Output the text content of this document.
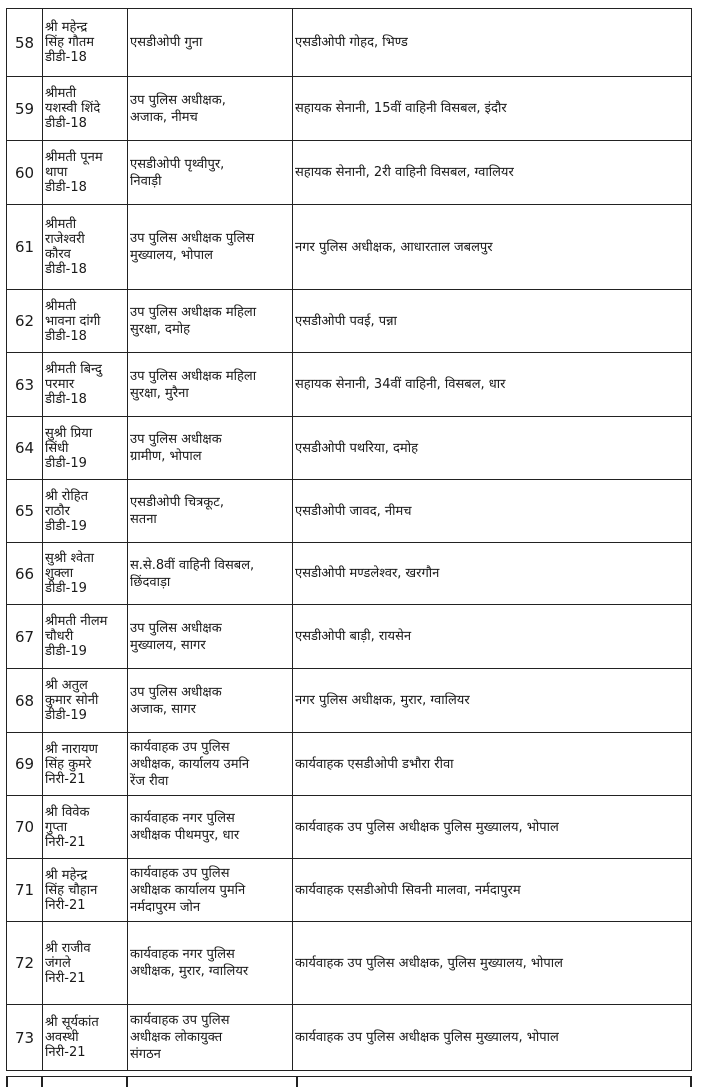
58	श्री महेन्द्र
सिंह गौतम
डीडी-18	एसडीओपी गुना	एसडीओपी गोहद, भिण्ड
59	श्रीमती
यशस्वी शिंदे
डीडी-18	उप पुलिस अधीक्षक,
अजाक, नीमच	सहायक सेनानी, 15वीं वाहिनी विसबल, इंदौर
60	श्रीमती पूनम
थापा
डीडी-18	एसडीओपी पृथ्वीपुर,
निवाड़ी	सहायक सेनानी, 2री वाहिनी विसबल, ग्वालियर
61	श्रीमती
राजेश्वरी
कौरव
डीडी-18	उप पुलिस अधीक्षक पुलिस
मुख्यालय, भोपाल	नगर पुलिस अधीक्षक, आधारताल जबलपुर
62	श्रीमती
भावना दांगी
डीडी-18	उप पुलिस अधीक्षक महिला
सुरक्षा, दमोह	एसडीओपी पवई, पन्ना
63	श्रीमती बिन्दु
परमार
डीडी-18	उप पुलिस अधीक्षक महिला
सुरक्षा, मुरैना	सहायक सेनानी, 34वीं वाहिनी, विसबल, धार
64	सुश्री प्रिया
सिंधी
डीडी-19	उप पुलिस अधीक्षक
ग्रामीण, भोपाल	एसडीओपी पथरिया, दमोह
65	श्री रोहित
राठौर
डीडी-19	एसडीओपी चित्रकूट,
सतना	एसडीओपी जावद, नीमच
66	सुश्री श्वेता
शुक्ला
डीडी-19	स.से.8वीं वाहिनी विसबल,
छिंदवाड़ा	एसडीओपी मण्डलेश्वर, खरगौन
67	श्रीमती नीलम
चौधरी
डीडी-19	उप पुलिस अधीक्षक
मुख्यालय, सागर	एसडीओपी बाड़ी, रायसेन
68	श्री अतुल
कुमार सोनी
डीडी-19	उप पुलिस अधीक्षक
अजाक, सागर	नगर पुलिस अधीक्षक, मुरार, ग्वालियर
69	श्री नारायण
सिंह कुमरे
निरी-21	कार्यवाहक उप पुलिस
अधीक्षक, कार्यालय उमनि
रेंज रीवा	कार्यवाहक एसडीओपी डभौरा रीवा
70	श्री विवेक
गुप्ता
निरी-21	कार्यवाहक नगर पुलिस
अधीक्षक पीथमपुर, धार	कार्यवाहक उप पुलिस अधीक्षक पुलिस मुख्यालय, भोपाल
71	श्री महेन्द्र
सिंह चौहान
निरी-21	कार्यवाहक उप पुलिस
अधीक्षक कार्यालय पुमनि
नर्मदापुरम जोन	कार्यवाहक एसडीओपी सिवनी मालवा, नर्मदापुरम
72	श्री राजीव
जंगले
निरी-21	कार्यवाहक नगर पुलिस
अधीक्षक, मुरार, ग्वालियर	कार्यवाहक उप पुलिस अधीक्षक, पुलिस मुख्यालय, भोपाल
73	श्री सूर्यकांत
अवस्थी
निरी-21	कार्यवाहक उप पुलिस
अधीक्षक लोकायुक्त
संगठन	कार्यवाहक उप पुलिस अधीक्षक पुलिस मुख्यालय, भोपाल
